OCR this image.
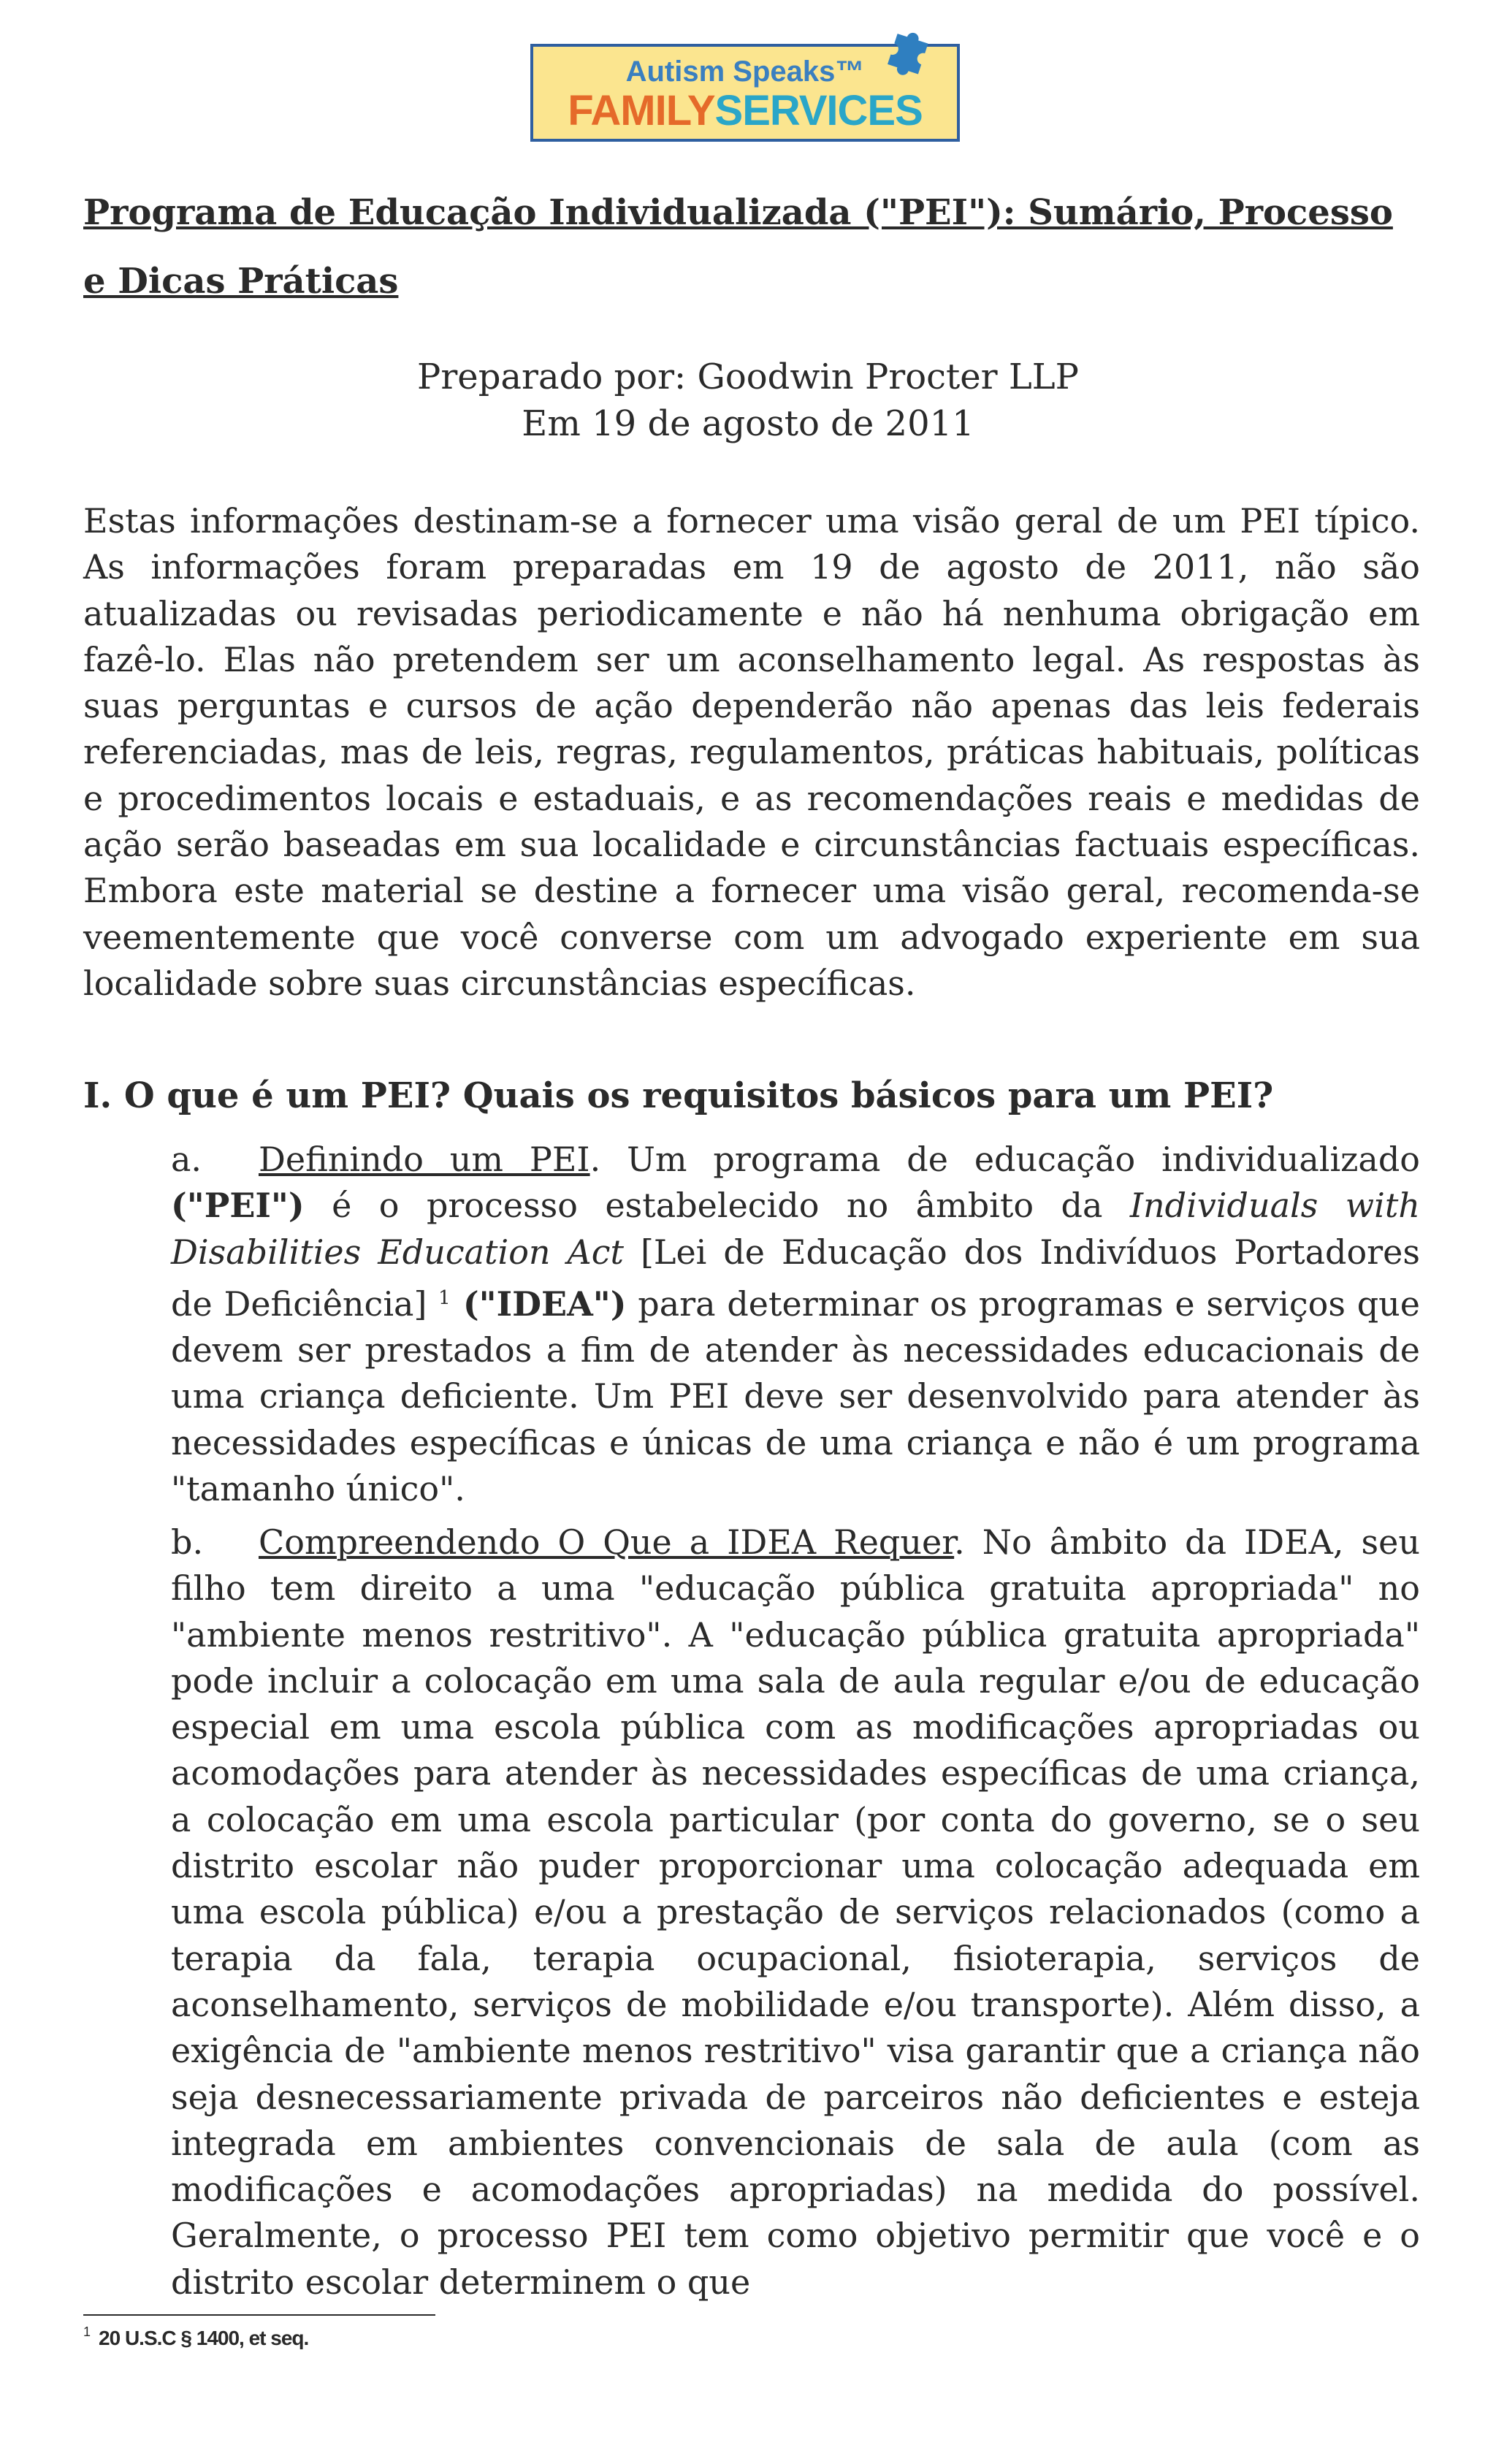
Autism Speaks™
FAMILYSERVICES

Programa de Educação Individualizada ("PEI"): Sumário, Processo e Dicas Práticas

Preparado por: Goodwin Procter LLP
Em 19 de agosto de 2011

Estas informações destinam-se a fornecer uma visão geral de um PEI típico. As informações foram preparadas em 19 de agosto de 2011, não são atualizadas ou revisadas periodicamente e não há nenhuma obrigação em fazê-lo. Elas não pretendem ser um aconselhamento legal. As respostas às suas perguntas e cursos de ação dependerão não apenas das leis federais referenciadas, mas de leis, regras, regulamentos, práticas habituais, políticas e procedimentos locais e estaduais, e as recomendações reais e medidas de ação serão baseadas em sua localidade e circunstâncias factuais específicas. Embora este material se destine a fornecer uma visão geral, recomenda-se veementemente que você converse com um advogado experiente em sua localidade sobre suas circunstâncias específicas.

I. O que é um PEI? Quais os requisitos básicos para um PEI?

a. Definindo um PEI. Um programa de educação individualizado ("PEI") é o processo estabelecido no âmbito da Individuals with Disabilities Education Act [Lei de Educação dos Indivíduos Portadores de Deficiência] $^1$ ("IDEA") para determinar os programas e serviços que devem ser prestados a fim de atender às necessidades educacionais de uma criança deficiente. Um PEI deve ser desenvolvido para atender às necessidades específicas e únicas de uma criança e não é um programa "tamanho único".

b. Compreendendo O Que a IDEA Requer. No âmbito da IDEA, seu filho tem direito a uma "educação pública gratuita apropriada" no "ambiente menos restritivo". A "educação pública gratuita apropriada" pode incluir a colocação em uma sala de aula regular e/ou de educação especial em uma escola pública com as modificações apropriadas ou acomodações para atender às necessidades específicas de uma criança, a colocação em uma escola particular (por conta do governo, se o seu distrito escolar não puder proporcionar uma colocação adequada em uma escola pública) e/ou a prestação de serviços relacionados (como a terapia da fala, terapia ocupacional, fisioterapia, serviços de aconselhamento, serviços de mobilidade e/ou transporte). Além disso, a exigência de "ambiente menos restritivo" visa garantir que a criança não seja desnecessariamente privada de parceiros não deficientes e esteja integrada em ambientes convencionais de sala de aula (com as modificações e acomodações apropriadas) na medida do possível. Geralmente, o processo PEI tem como objetivo permitir que você e o distrito escolar determinem o que

$^1$ 20 U.S.C § 1400, et seq.
